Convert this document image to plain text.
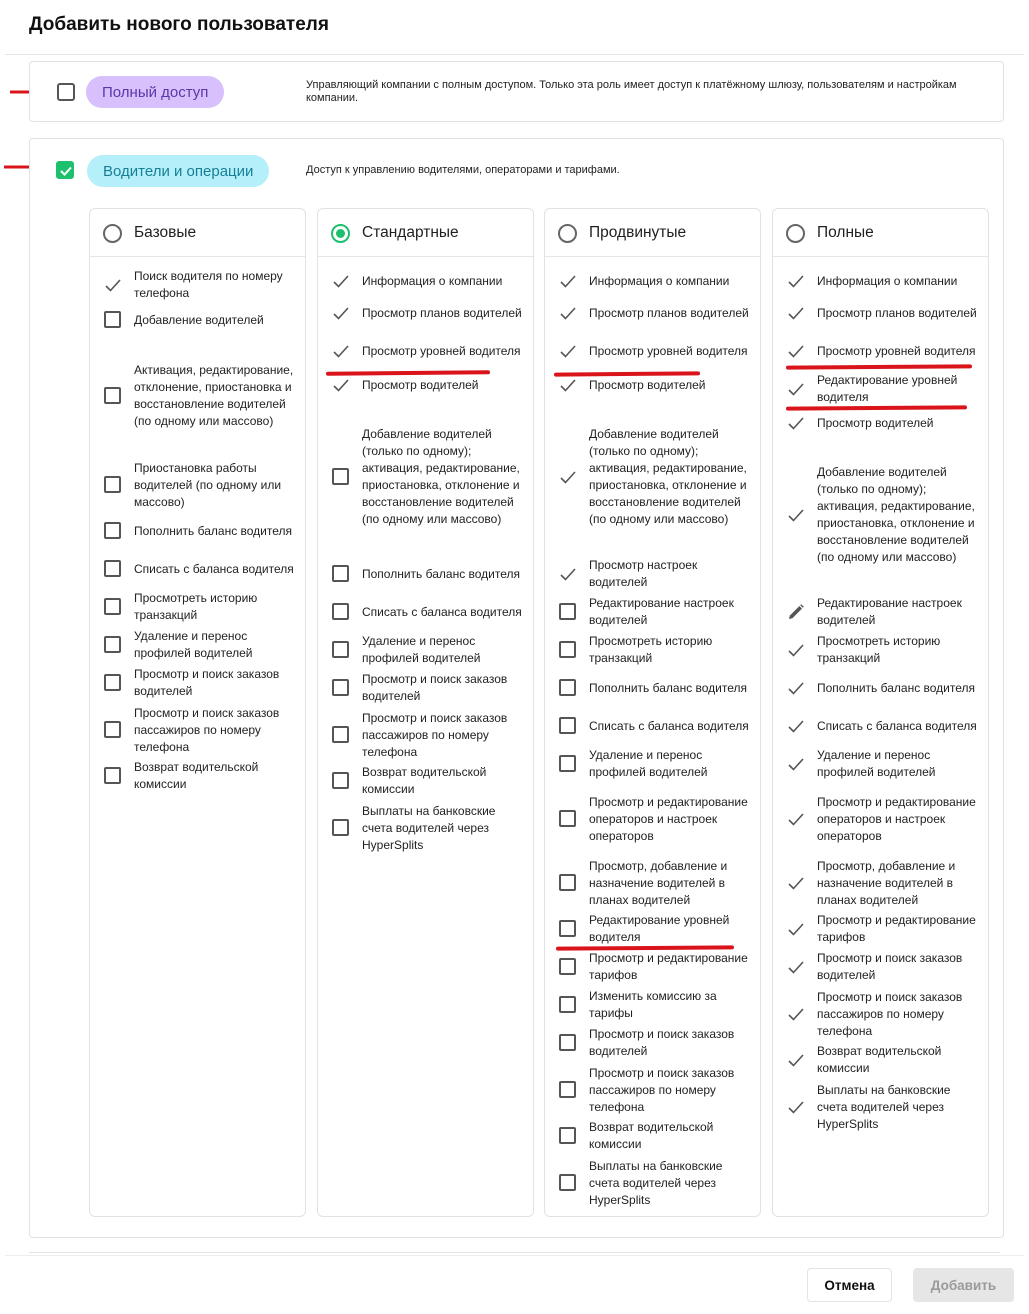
Добавить нового пользователя
Полный доступ	Управляющий компании с полным доступом. Только эта роль имеет доступ к платёжному шлюзу, пользователям и настройкам компании.
Водители и операции	Доступ к управлению водителями, операторами и тарифами.
Базовые
Поиск водителя по номеру телефона
Добавление водителей
Активация, редактирование, отклонение, приостановка и восстановление водителей (по одному или массово)
Приостановка работы водителей (по одному или массово)
Пополнить баланс водителя
Списать с баланса водителя
Просмотреть историю транзакций
Удаление и перенос профилей водителей
Просмотр и поиск заказов водителей
Просмотр и поиск заказов пассажиров по номеру телефона
Возврат водительской комиссии
Стандартные
Информация о компании
Просмотр планов водителей
Просмотр уровней водителя
Просмотр водителей
Добавление водителей (только по одному); активация, редактирование, приостановка, отклонение и восстановление водителей (по одному или массово)
Пополнить баланс водителя
Списать с баланса водителя
Удаление и перенос профилей водителей
Просмотр и поиск заказов водителей
Просмотр и поиск заказов пассажиров по номеру телефона
Возврат водительской комиссии
Выплаты на банковские счета водителей через HyperSplits
Продвинутые
Информация о компании
Просмотр планов водителей
Просмотр уровней водителя
Просмотр водителей
Добавление водителей (только по одному); активация, редактирование, приостановка, отклонение и восстановление водителей (по одному или массово)
Просмотр настроек водителей
Редактирование настроек водителей
Просмотреть историю транзакций
Пополнить баланс водителя
Списать с баланса водителя
Удаление и перенос профилей водителей
Просмотр и редактирование операторов и настроек операторов
Просмотр, добавление и назначение водителей в планах водителей
Редактирование уровней водителя
Просмотр и редактирование тарифов
Изменить комиссию за тарифы
Просмотр и поиск заказов водителей
Просмотр и поиск заказов пассажиров по номеру телефона
Возврат водительской комиссии
Выплаты на банковские счета водителей через HyperSplits
Полные
Информация о компании
Просмотр планов водителей
Просмотр уровней водителя
Редактирование уровней водителя
Просмотр водителей
Добавление водителей (только по одному); активация, редактирование, приостановка, отклонение и восстановление водителей (по одному или массово)
Редактирование настроек водителей
Просмотреть историю транзакций
Пополнить баланс водителя
Списать с баланса водителя
Удаление и перенос профилей водителей
Просмотр и редактирование операторов и настроек операторов
Просмотр, добавление и назначение водителей в планах водителей
Просмотр и редактирование тарифов
Просмотр и поиск заказов водителей
Просмотр и поиск заказов пассажиров по номеру телефона
Возврат водительской комиссии
Выплаты на банковские счета водителей через HyperSplits
Отмена	Добавить
